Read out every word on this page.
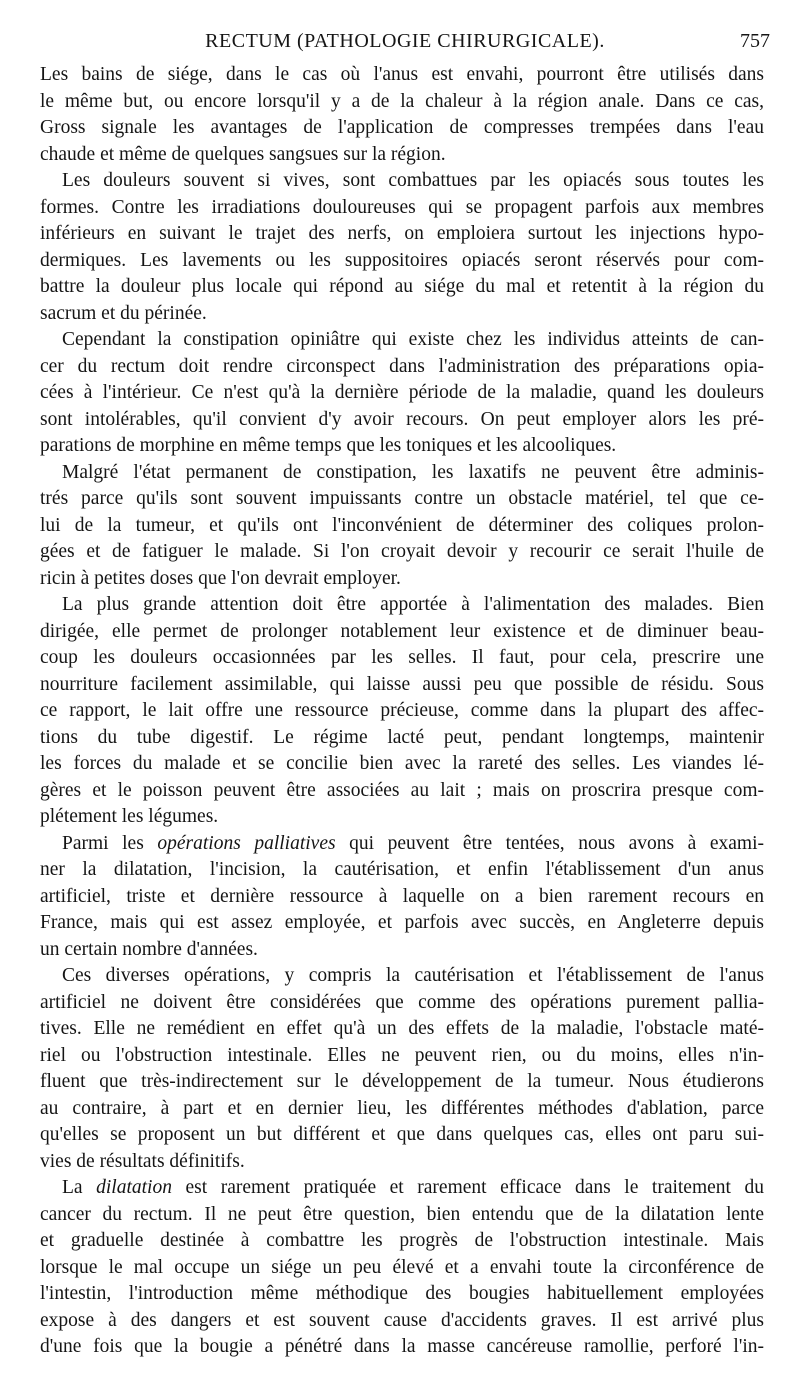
RECTUM (PATHOLOGIE CHIRURGICALE).	757
Les bains de siége, dans le cas où l'anus est envahi, pourront être utilisés dans
le même but, ou encore lorsqu'il y a de la chaleur à la région anale. Dans ce cas,
Gross signale les avantages de l'application de compresses trempées dans l'eau
chaude et même de quelques sangsues sur la région.
Les douleurs souvent si vives, sont combattues par les opiacés sous toutes les
formes. Contre les irradiations douloureuses qui se propagent parfois aux membres
inférieurs en suivant le trajet des nerfs, on emploiera surtout les injections hypo-
dermiques. Les lavements ou les suppositoires opiacés seront réservés pour com-
battre la douleur plus locale qui répond au siége du mal et retentit à la région du
sacrum et du périnée.
Cependant la constipation opiniâtre qui existe chez les individus atteints de can-
cer du rectum doit rendre circonspect dans l'administration des préparations opia-
cées à l'intérieur. Ce n'est qu'à la dernière période de la maladie, quand les douleurs
sont intolérables, qu'il convient d'y avoir recours. On peut employer alors les pré-
parations de morphine en même temps que les toniques et les alcooliques.
Malgré l'état permanent de constipation, les laxatifs ne peuvent être adminis-
trés parce qu'ils sont souvent impuissants contre un obstacle matériel, tel que ce-
lui de la tumeur, et qu'ils ont l'inconvénient de déterminer des coliques prolon-
gées et de fatiguer le malade. Si l'on croyait devoir y recourir ce serait l'huile de
ricin à petites doses que l'on devrait employer.
La plus grande attention doit être apportée à l'alimentation des malades. Bien
dirigée, elle permet de prolonger notablement leur existence et de diminuer beau-
coup les douleurs occasionnées par les selles. Il faut, pour cela, prescrire une
nourriture facilement assimilable, qui laisse aussi peu que possible de résidu. Sous
ce rapport, le lait offre une ressource précieuse, comme dans la plupart des affec-
tions du tube digestif. Le régime lacté peut, pendant longtemps, maintenir
les forces du malade et se concilie bien avec la rareté des selles. Les viandes lé-
gères et le poisson peuvent être associées au lait ; mais on proscrira presque com-
plétement les légumes.
Parmi les opérations palliatives qui peuvent être tentées, nous avons à exami-
ner la dilatation, l'incision, la cautérisation, et enfin l'établissement d'un anus
artificiel, triste et dernière ressource à laquelle on a bien rarement recours en
France, mais qui est assez employée, et parfois avec succès, en Angleterre depuis
un certain nombre d'années.
Ces diverses opérations, y compris la cautérisation et l'établissement de l'anus
artificiel ne doivent être considérées que comme des opérations purement pallia-
tives. Elle ne remédient en effet qu'à un des effets de la maladie, l'obstacle maté-
riel ou l'obstruction intestinale. Elles ne peuvent rien, ou du moins, elles n'in-
fluent que très-indirectement sur le développement de la tumeur. Nous étudierons
au contraire, à part et en dernier lieu, les différentes méthodes d'ablation, parce
qu'elles se proposent un but différent et que dans quelques cas, elles ont paru sui-
vies de résultats définitifs.
La dilatation est rarement pratiquée et rarement efficace dans le traitement du
cancer du rectum. Il ne peut être question, bien entendu que de la dilatation lente
et graduelle destinée à combattre les progrès de l'obstruction intestinale. Mais
lorsque le mal occupe un siége un peu élevé et a envahi toute la circonférence de
l'intestin, l'introduction même méthodique des bougies habituellement employées
expose à des dangers et est souvent cause d'accidents graves. Il est arrivé plus
d'une fois que la bougie a pénétré dans la masse cancéreuse ramollie, perforé l'in-
